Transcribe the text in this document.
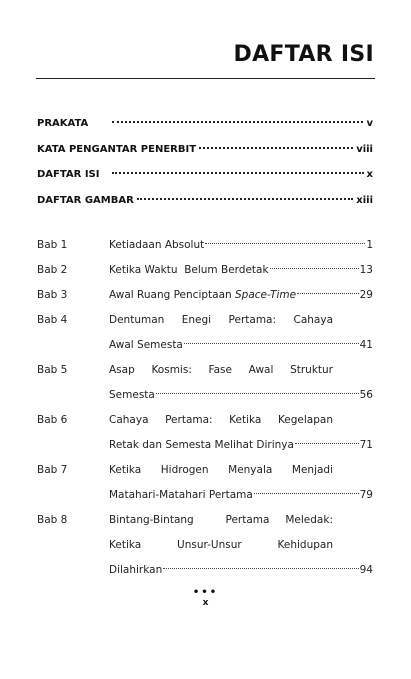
DAFTAR ISI
PRAKATA	v
KATA PENGANTAR PENERBIT	viii
DAFTAR ISI	x
DAFTAR GAMBAR	xiii
Bab 1	Ketiadaan Absolut	1
Bab 2	Ketika Waktu  Belum Berdetak	13
Bab 3	Awal Ruang Penciptaan Space-Time	29
Bab 4	Dentuman Enegi Pertama: Cahaya
Awal Semesta	41
Bab 5	Asap Kosmis: Fase Awal Struktur
Semesta	56
Bab 6	Cahaya Pertama: Ketika Kegelapan
Retak dan Semesta Melihat Dirinya	71
Bab 7	Ketika Hidrogen Menyala Menjadi
Matahari-Matahari Pertama	79
Bab 8	Bintang-Bintang  Pertama Meledak:
Ketika Unsur-Unsur Kehidupan
Dilahirkan	94
•••
x
